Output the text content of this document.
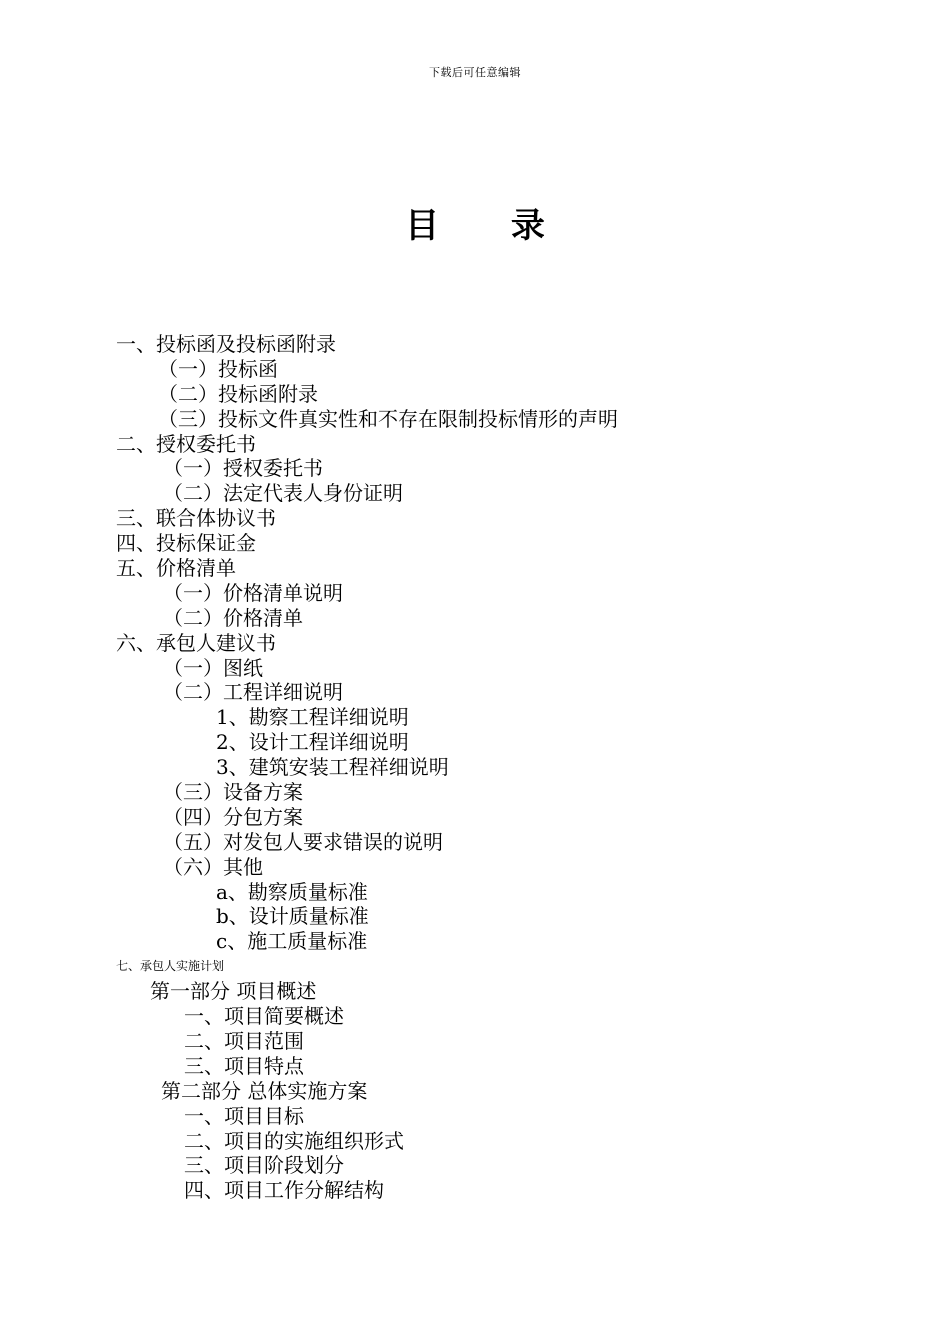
下载后可任意编辑
目 录
一、投标函及投标函附录
（一）投标函
（二）投标函附录
（三）投标文件真实性和不存在限制投标情形的声明
二、授权委托书
（一）授权委托书
（二）法定代表人身份证明
三、联合体协议书
四、投标保证金
五、价格清单
（一）价格清单说明
（二）价格清单
六、承包人建议书
（一）图纸
（二）工程详细说明
1、勘察工程详细说明
2、设计工程详细说明
3、建筑安装工程祥细说明
（三）设备方案
（四）分包方案
（五）对发包人要求错误的说明
（六）其他
a、勘察质量标准
b、设计质量标准
c、施工质量标准
七、承包人实施计划
第一部分 项目概述
一、项目简要概述
二、项目范围
三、项目特点
第二部分 总体实施方案
一、项目目标
二、项目的实施组织形式
三、项目阶段划分
四、项目工作分解结构
